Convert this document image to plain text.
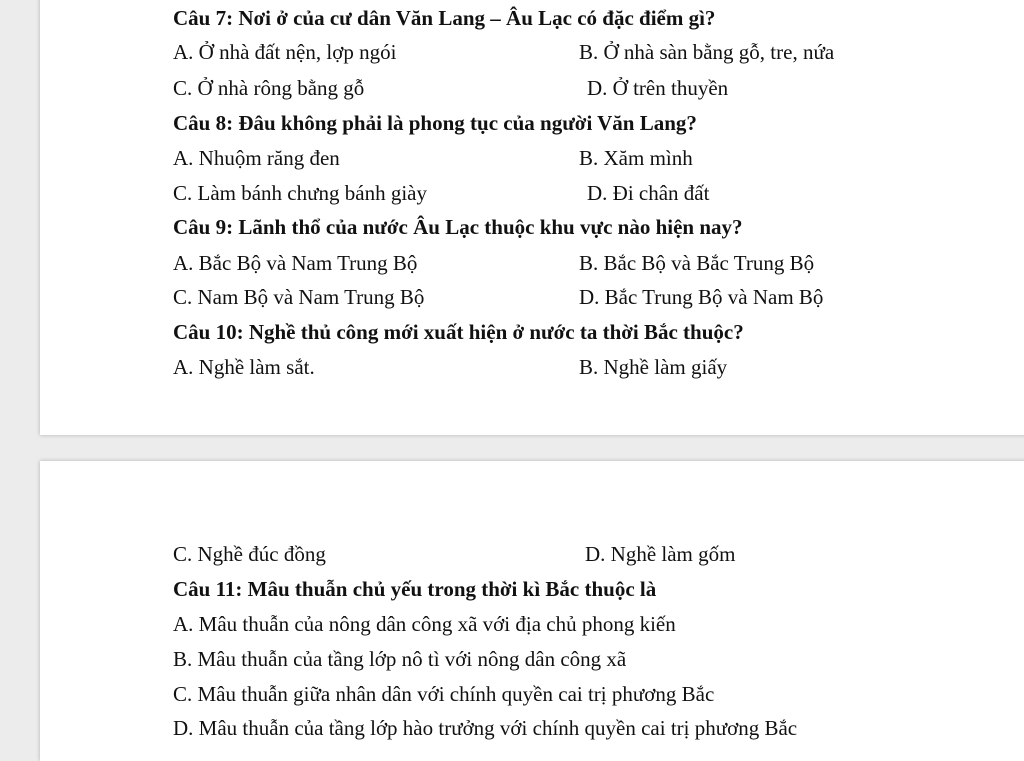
Câu 7: Nơi ở của cư dân Văn Lang – Âu Lạc có đặc điểm gì?
A. Ở nhà đất nện, lợp ngói	B. Ở nhà sàn bằng gỗ, tre, nứa
C. Ở nhà rông bằng gỗ	D. Ở trên thuyền
Câu 8: Đâu không phải là phong tục của người Văn Lang?
A. Nhuộm răng đen	B. Xăm mình
C. Làm bánh chưng bánh giày	D. Đi chân đất
Câu 9: Lãnh thổ của nước Âu Lạc thuộc khu vực nào hiện nay?
A. Bắc Bộ và Nam Trung Bộ	B. Bắc Bộ và Bắc Trung Bộ
C. Nam Bộ và Nam Trung Bộ	D. Bắc Trung Bộ và Nam Bộ
Câu 10: Nghề thủ công mới xuất hiện ở nước ta thời Bắc thuộc?
A. Nghề làm sắt.	B. Nghề làm giấy
C. Nghề đúc đồng	D. Nghề làm gốm
Câu 11: Mâu thuẫn chủ yếu trong thời kì Bắc thuộc là
A. Mâu thuẫn của nông dân công xã với địa chủ phong kiến
B. Mâu thuẫn của tầng lớp nô tì với nông dân công xã
C. Mâu thuẫn giữa nhân dân với chính quyền cai trị phương Bắc
D. Mâu thuẫn của tầng lớp hào trưởng với chính quyền cai trị phương Bắc
